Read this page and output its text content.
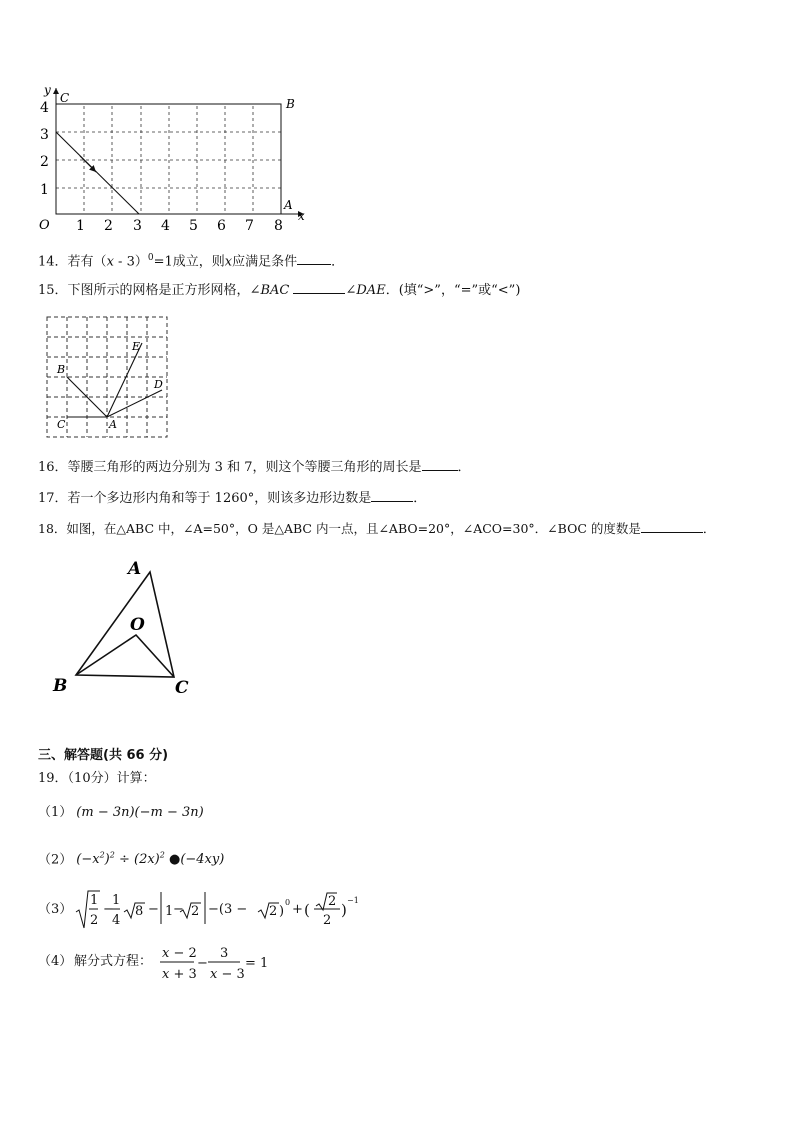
y
x
O
C	B
A
1 2 3 4 5 6 7 8
1
2
3
4
14．若有（x - 3）$^0$=1成立，则x应满足条件	．
15．下图所示的网格是正方形网格，∠BAC	∠DAE．(填“>”，“=”或“<”)
B
C	A
D
E
16．等腰三角形的两边分别为 3 和 7，则这个等腰三角形的周长是	．
17．若一个多边形内角和等于 1260°，则该多边形边数是	．
18．如图，在△ABC 中，∠A=50°，O 是△ABC 内一点，且∠ABO=20°，∠ACO=30°．∠BOC 的度数是	．
A
B	C
O
三、解答题(共 66 分)
19．（10分）计算：
（1） (m − 3n)(−m − 3n)
（2） $(-x^2)^2 \div (2x)^2$ ●(−4xy)
（3）
1
2
−
1
4
8 − 1 − 2 −(3 − 2 )
0 + ( 2
2
)
−1
（4） 解分式方程：
x − 2
x + 3
−
3
x − 3
= 1
